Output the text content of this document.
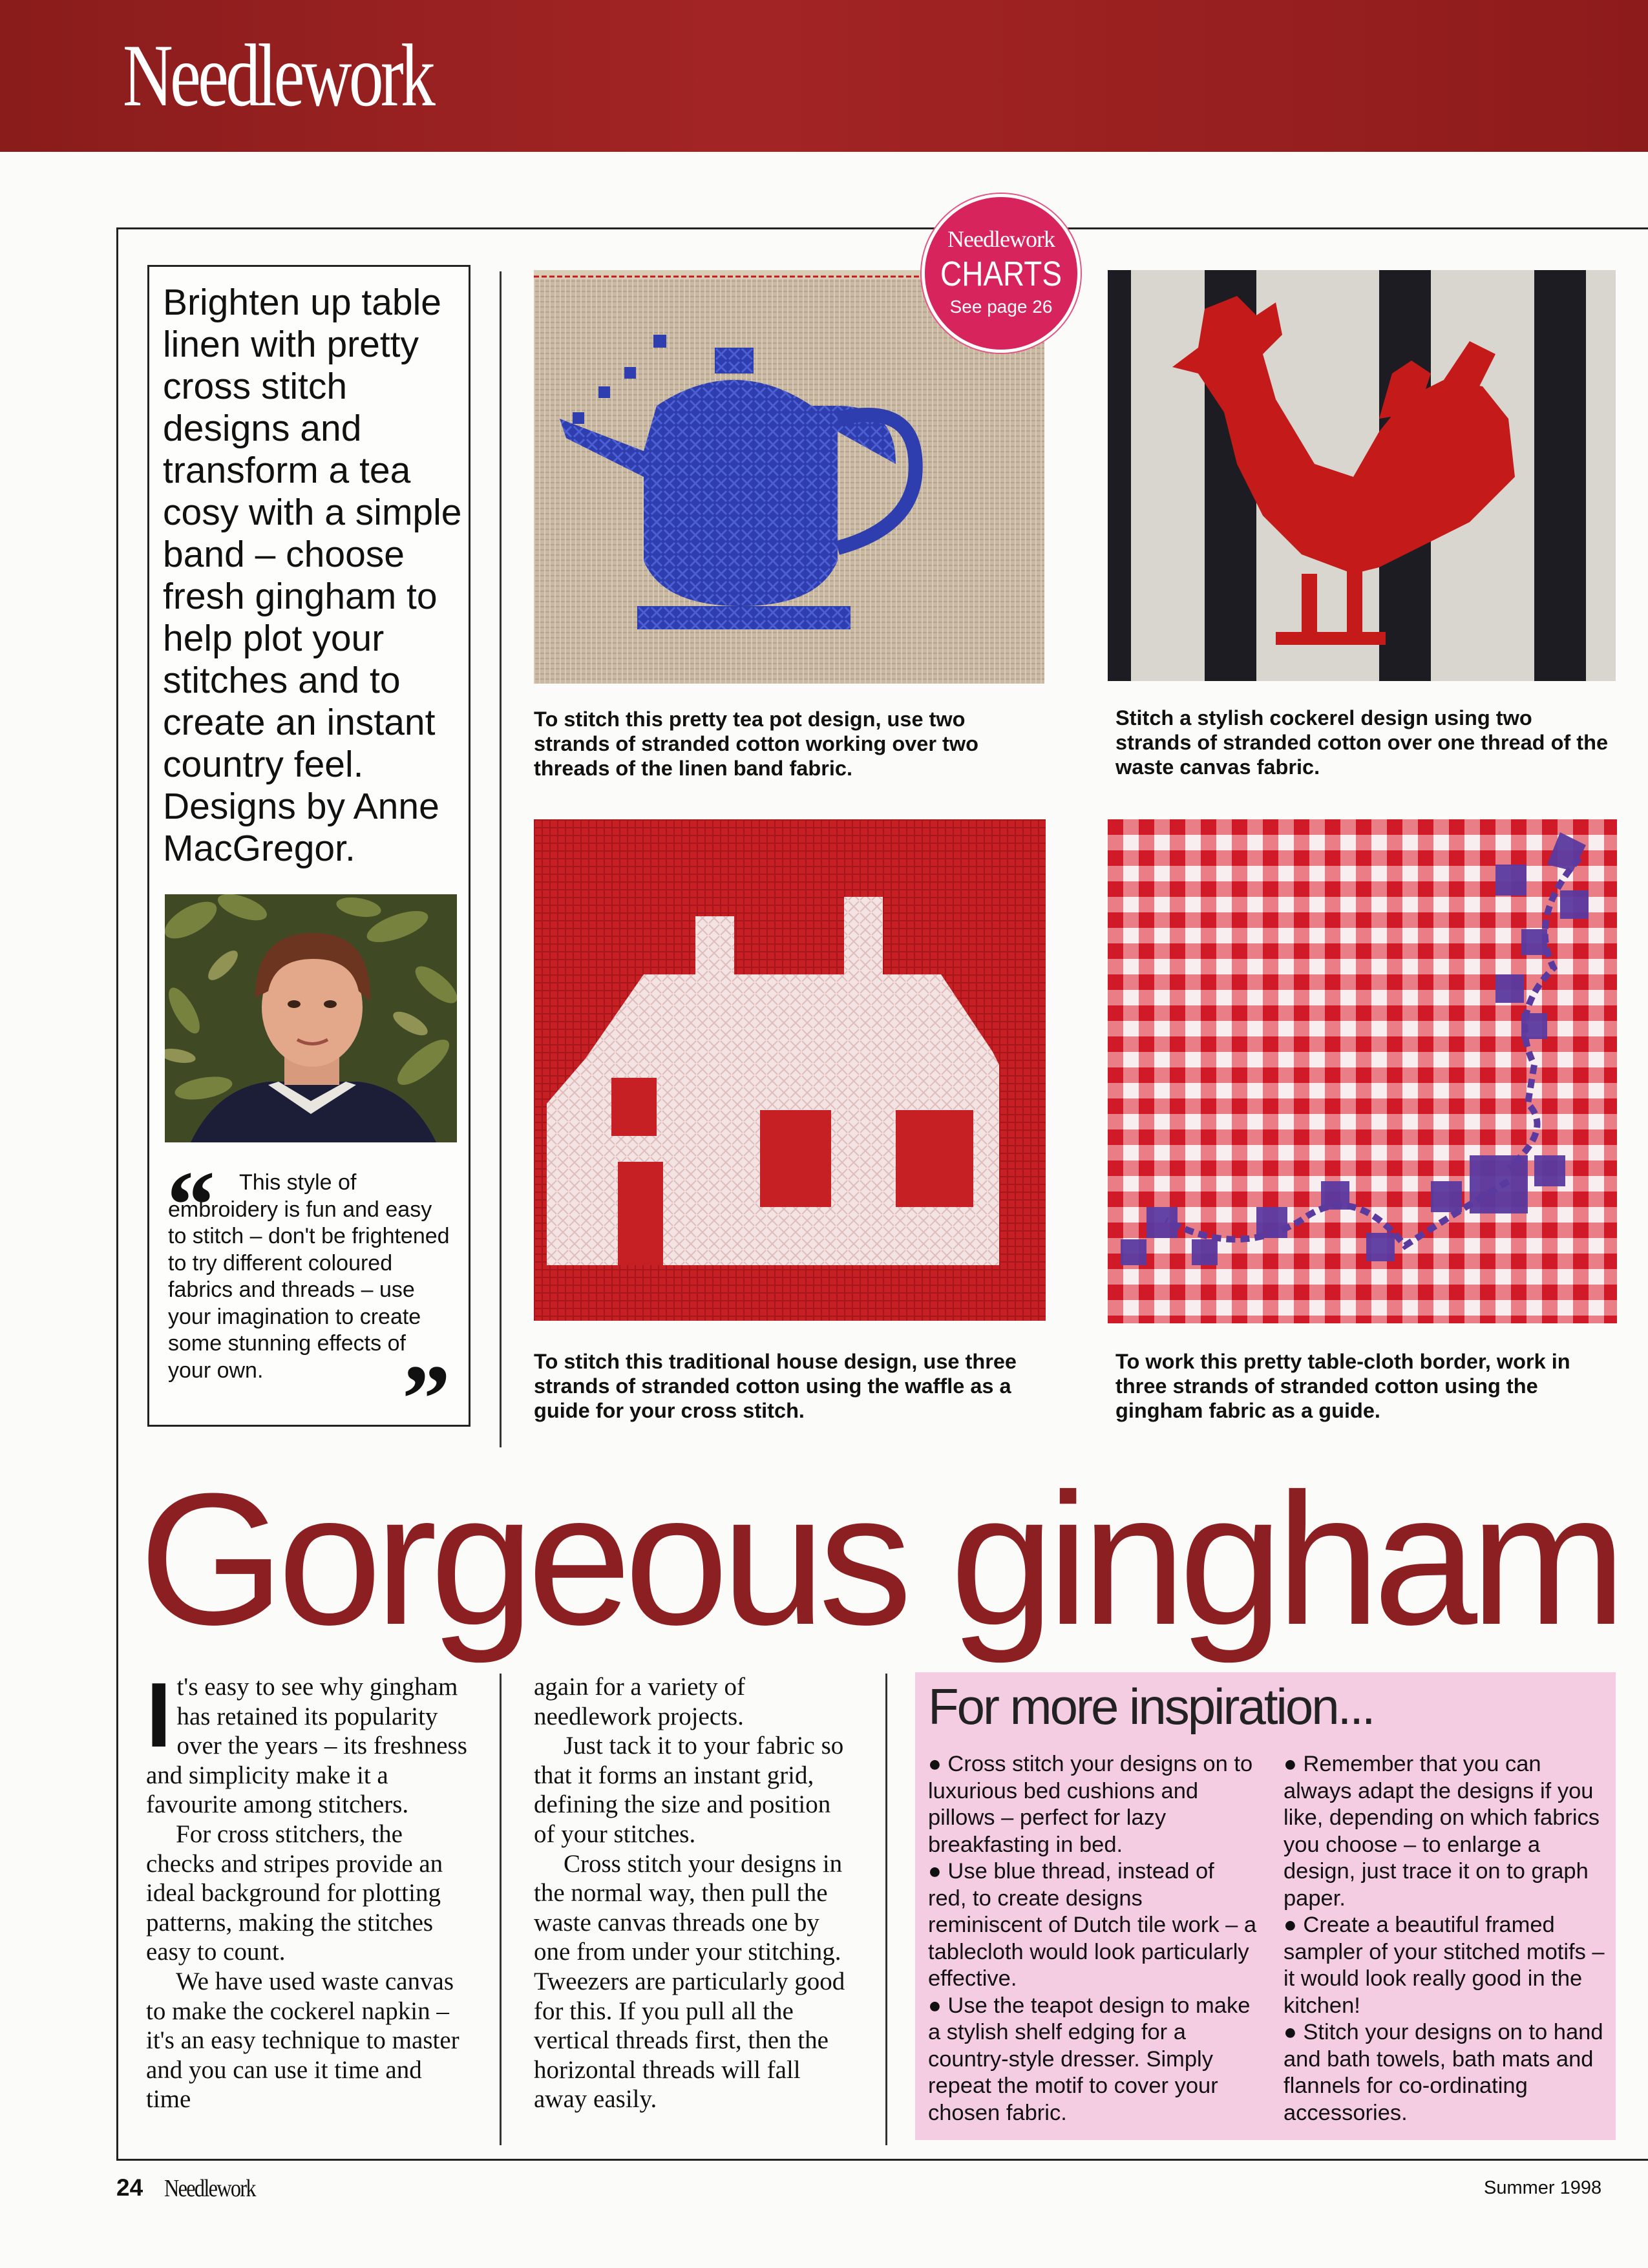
Needlework
Brighten up table linen with pretty cross stitch designs and transform a tea cosy with a simple band – choose fresh gingham to help plot your stitches and to create an instant country feel. Designs by Anne MacGregor.
“	This style of embroidery is fun and easy to stitch – don't be frightened to try different coloured fabrics and threads – use your imagination to create some stunning effects of your own.	”
To stitch this pretty tea pot design, use two strands of stranded cotton working over two threads of the linen band fabric.
Stitch a stylish cockerel design using two strands of stranded cotton over one thread of the waste canvas fabric.
To stitch this traditional house design, use three strands of stranded cotton using the waffle as a guide for your cross stitch.
To work this pretty table-cloth border, work in three strands of stranded cotton using the gingham fabric as a guide.
Needlework
CHARTS
See page 26
Gorgeous gingham
I t's easy to see why gingham has retained its popularity over the years – its freshness and simplicity make it a favourite among stitchers.

For cross stitchers, the checks and stripes provide an ideal background for plotting patterns, making the stitches easy to count.

We have used waste canvas to make the cockerel napkin – it's an easy technique to master and you can use it time and time

again for a variety of needlework projects.

Just tack it to your fabric so that it forms an instant grid, defining the size and position of your stitches.

Cross stitch your designs in the normal way, then pull the waste canvas threads one by one from under your stitching. Tweezers are particularly good for this. If you pull all the vertical threads first, then the horizontal threads will fall away easily.

For more inspiration...
● Cross stitch your designs on to luxurious bed cushions and pillows – perfect for lazy breakfasting in bed.
● Use blue thread, instead of red, to create designs reminiscent of Dutch tile work – a tablecloth would look particularly effective.
● Use the teapot design to make a stylish shelf edging for a country-style dresser. Simply repeat the motif to cover your chosen fabric.
● Remember that you can always adapt the designs if you like, depending on which fabrics you choose – to enlarge a design, just trace it on to graph paper.
● Create a beautiful framed sampler of your stitched motifs – it would look really good in the kitchen!
● Stitch your designs on to hand and bath towels, bath mats and flannels for co-ordinating accessories.
24 Needlework	Summer 1998
